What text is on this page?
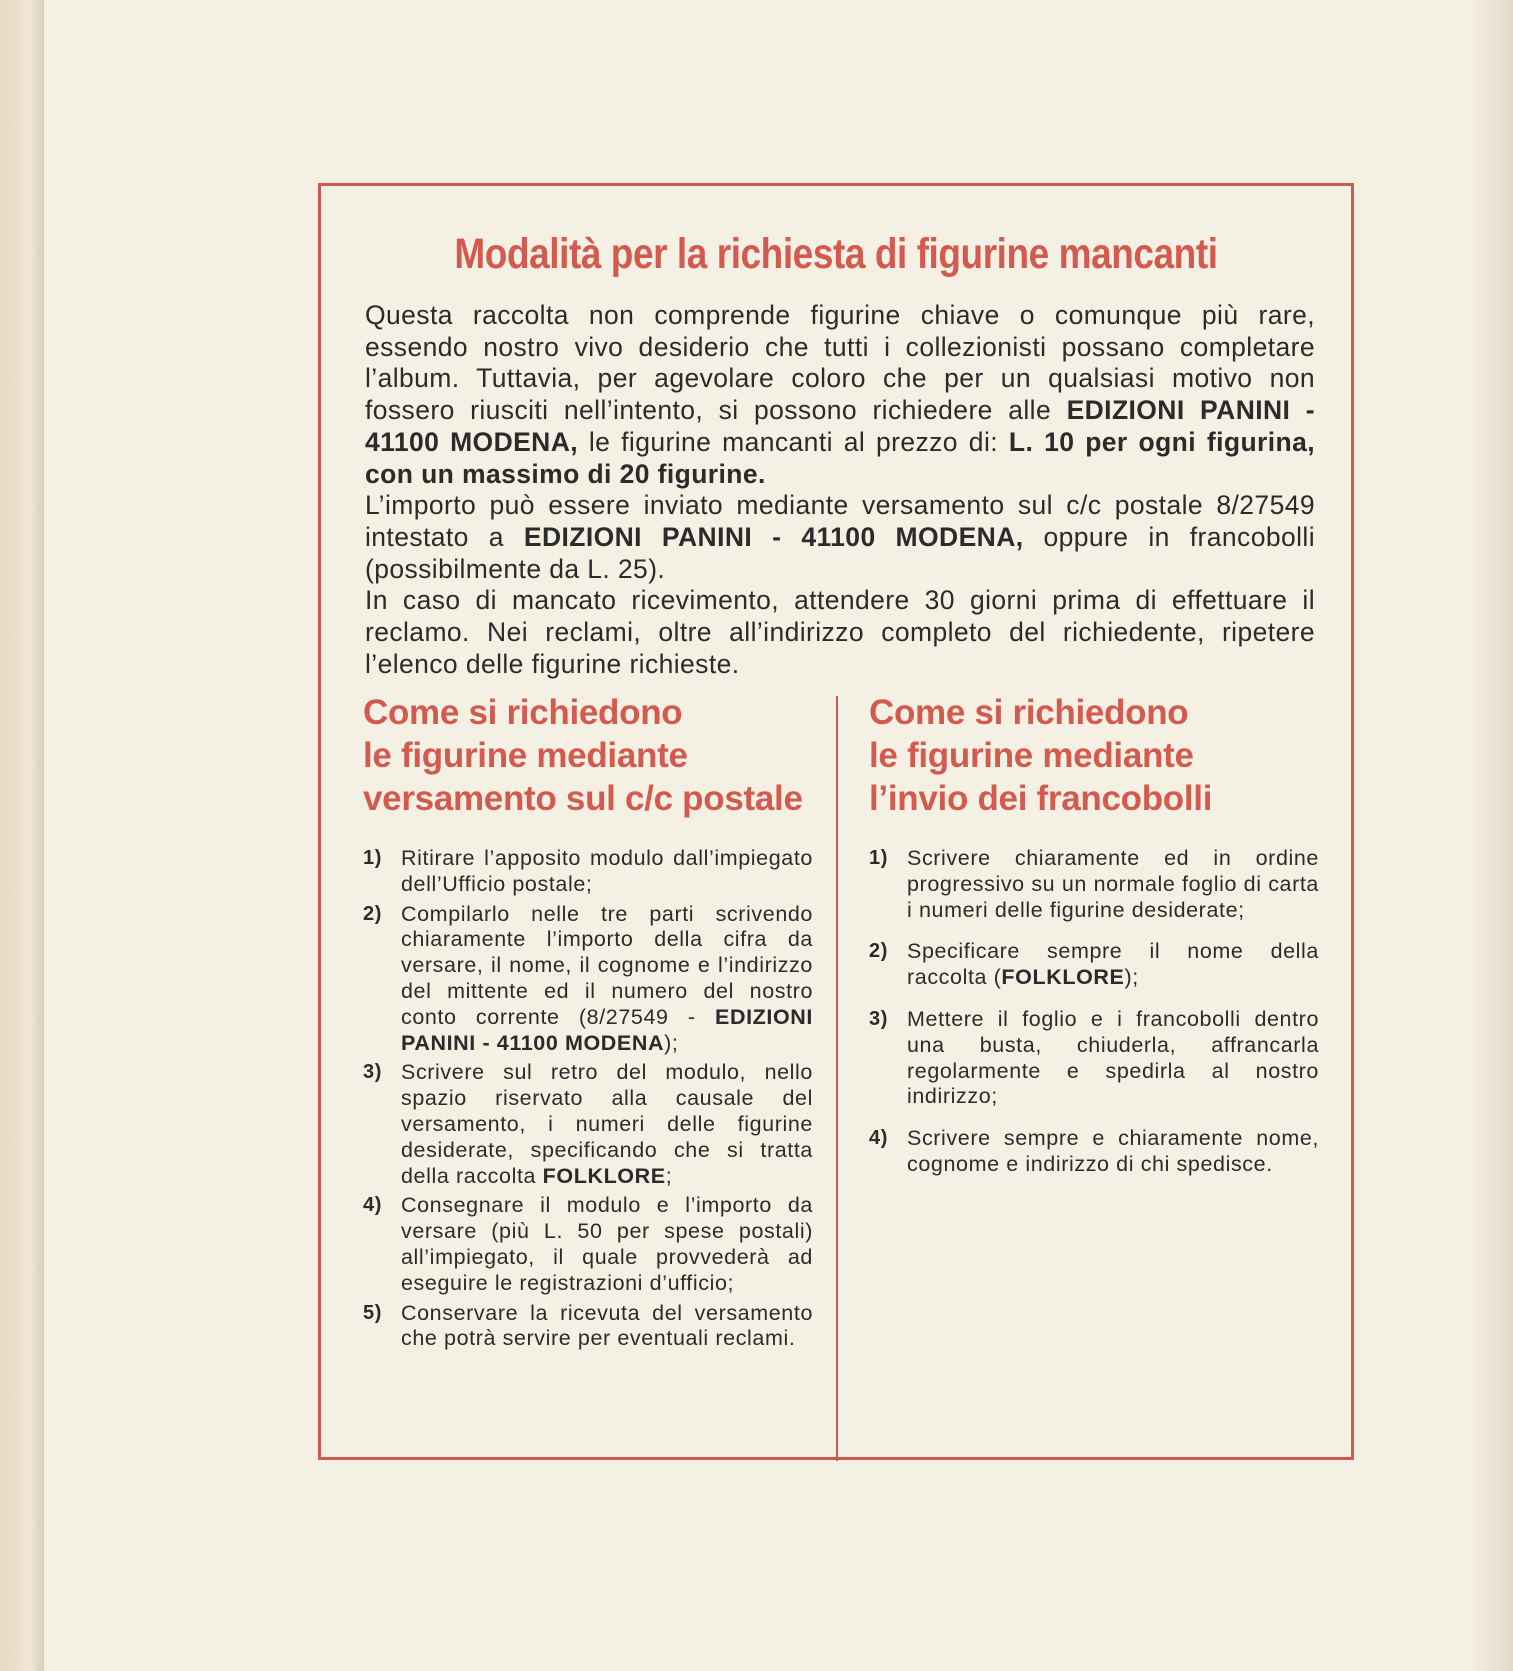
Modalità per la richiesta di figurine mancanti

Questa raccolta non comprende figurine chiave o comunque più rare, essendo nostro vivo desiderio che tutti i collezionisti possano completare l’album. Tuttavia, per agevolare coloro che per un qualsiasi motivo non fossero riusciti nell’intento, si possono richiedere alle EDIZIONI PANINI - 41100 MODENA, le figurine mancanti al prezzo di: L. 10 per ogni figurina, con un massimo di 20 figurine.

L’importo può essere inviato mediante versamento sul c/c postale 8/27549 intestato a EDIZIONI PANINI - 41100 MODENA, oppure in francobolli (possibilmente da L. 25).

In caso di mancato ricevimento, attendere 30 giorni prima di effettuare il reclamo. Nei reclami, oltre all’indirizzo completo del richiedente, ripetere l’elenco delle figurine richieste.

Come si richiedono
le figurine mediante
versamento sul c/c postale
1) Ritirare l’apposito modulo dall’impiegato dell’Ufficio postale;
2) Compilarlo nelle tre parti scrivendo chiaramente l’importo della cifra da versare, il nome, il cognome e l’indirizzo del mittente ed il numero del nostro conto corrente (8/27549 - EDIZIONI PANINI - 41100 MODENA);
3) Scrivere sul retro del modulo, nello spazio riservato alla causale del versamento, i numeri delle figurine desiderate, specificando che si tratta della raccolta FOLKLORE;
4) Consegnare il modulo e l’importo da versare (più L. 50 per spese postali) all’impiegato, il quale provvederà ad eseguire le registrazioni d’ufficio;
5) Conservare la ricevuta del versamento che potrà servire per eventuali reclami.
Come si richiedono
le figurine mediante
l’invio dei francobolli
1) Scrivere chiaramente ed in ordine progressivo su un normale foglio di carta i numeri delle figurine desiderate;
2) Specificare sempre il nome della raccolta (FOLKLORE);
3) Mettere il foglio e i francobolli dentro una busta, chiuderla, affrancarla regolarmente e spedirla al nostro indirizzo;
4) Scrivere sempre e chiaramente nome, cognome e indirizzo di chi spedisce.
